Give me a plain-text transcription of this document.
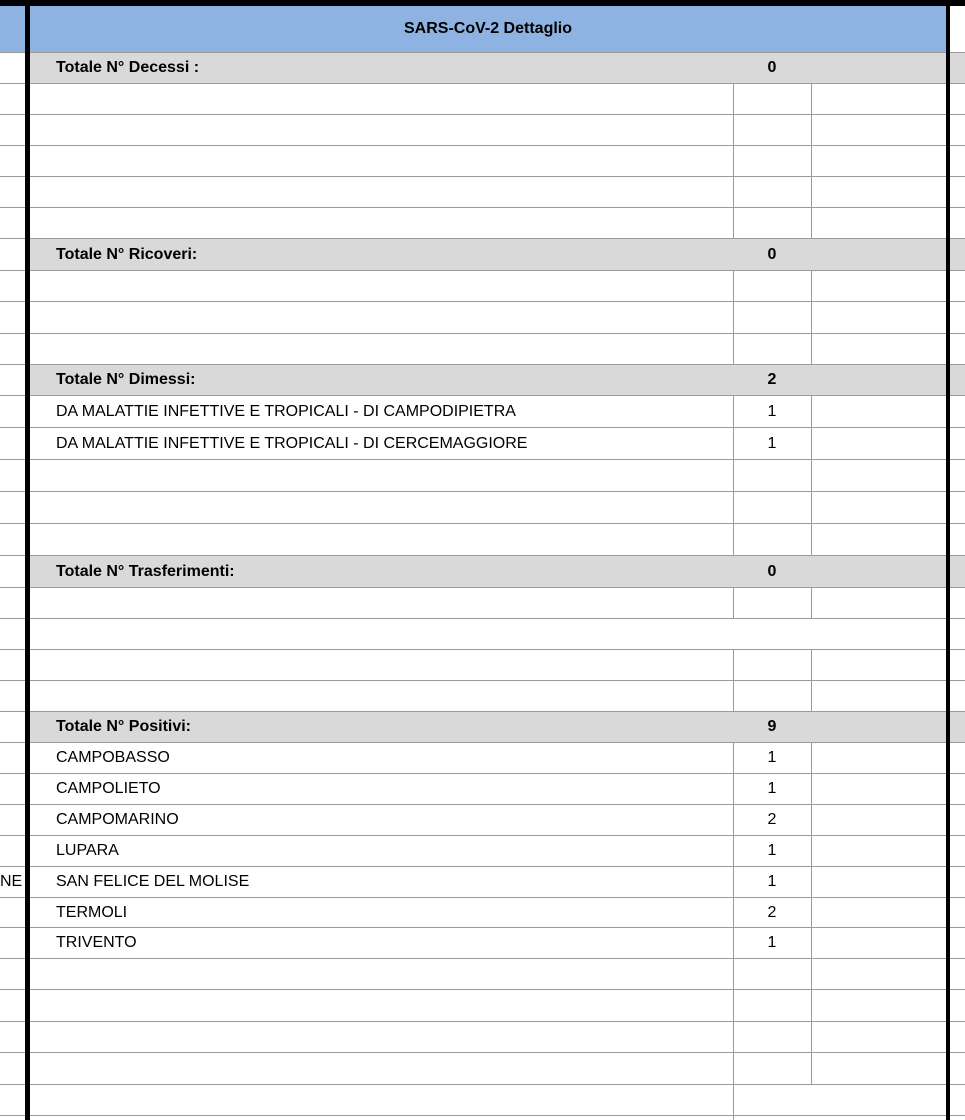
SARS-CoV-2 Dettaglio
Totale N° Decessi :	0
Totale N° Ricoveri:	0
Totale N° Dimessi:	2
DA MALATTIE INFETTIVE E TROPICALI - DI CAMPODIPIETRA	1
DA MALATTIE INFETTIVE E TROPICALI - DI CERCEMAGGIORE	1
Totale N° Trasferimenti:	0
Totale N° Positivi:	9
CAMPOBASSO	1
CAMPOLIETO	1
CAMPOMARINO	2
LUPARA	1
NE SAN FELICE DEL MOLISE	1
TERMOLI	2
TRIVENTO	1
